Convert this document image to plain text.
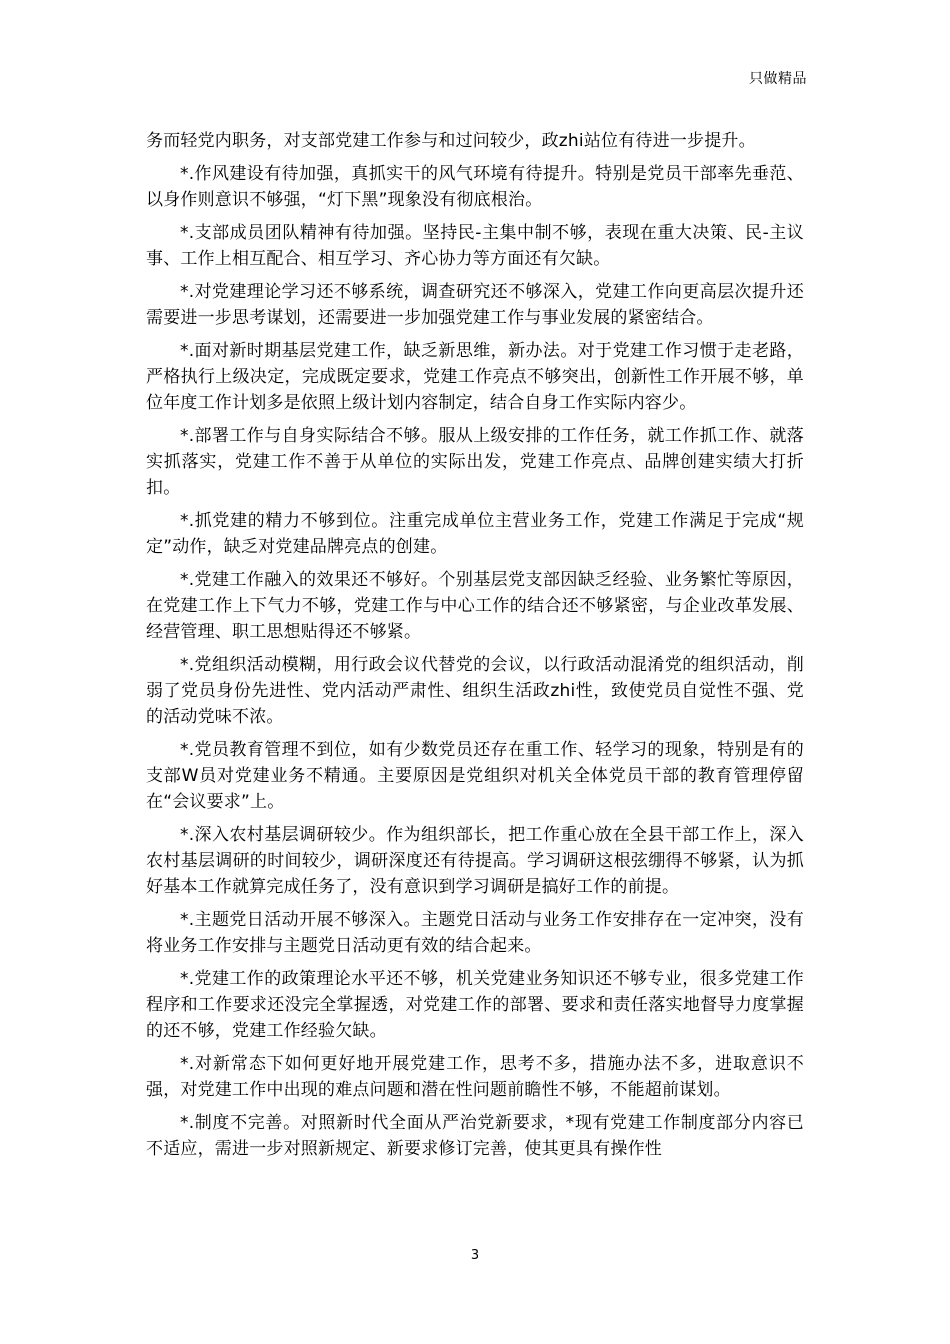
只做精品

务而轻党内职务，对支部党建工作参与和过问较少，政zhi站位有待进一步提升。

*.作风建设有待加强，真抓实干的风气环境有待提升。特别是党员干部率先垂范、以身作则意识不够强，“灯下黑”现象没有彻底根治。

*.支部成员团队精神有待加强。坚持民-主集中制不够，表现在重大决策、民-主议事、工作上相互配合、相互学习、齐心协力等方面还有欠缺。

*.对党建理论学习还不够系统，调查研究还不够深入，党建工作向更高层次提升还需要进一步思考谋划，还需要进一步加强党建工作与事业发展的紧密结合。

*.面对新时期基层党建工作，缺乏新思维，新办法。对于党建工作习惯于走老路，严格执行上级决定，完成既定要求，党建工作亮点不够突出，创新性工作开展不够，单位年度工作计划多是依照上级计划内容制定，结合自身工作实际内容少。

*.部署工作与自身实际结合不够。服从上级安排的工作任务，就工作抓工作、就落实抓落实，党建工作不善于从单位的实际出发，党建工作亮点、品牌创建实绩大打折扣。

*.抓党建的精力不够到位。注重完成单位主营业务工作，党建工作满足于完成“规定”动作，缺乏对党建品牌亮点的创建。

*.党建工作融入的效果还不够好。个别基层党支部因缺乏经验、业务繁忙等原因，在党建工作上下气力不够，党建工作与中心工作的结合还不够紧密，与企业改革发展、经营管理、职工思想贴得还不够紧。

*.党组织活动模糊，用行政会议代替党的会议，以行政活动混淆党的组织活动，削弱了党员身份先进性、党内活动严肃性、组织生活政zhi性，致使党员自觉性不强、党的活动党味不浓。

*.党员教育管理不到位，如有少数党员还存在重工作、轻学习的现象，特别是有的支部W员对党建业务不精通。主要原因是党组织对机关全体党员干部的教育管理停留在“会议要求”上。

*.深入农村基层调研较少。作为组织部长，把工作重心放在全县干部工作上，深入农村基层调研的时间较少，调研深度还有待提高。学习调研这根弦绷得不够紧，认为抓好基本工作就算完成任务了，没有意识到学习调研是搞好工作的前提。

*.主题党日活动开展不够深入。主题党日活动与业务工作安排存在一定冲突，没有将业务工作安排与主题党日活动更有效的结合起来。

*.党建工作的政策理论水平还不够，机关党建业务知识还不够专业，很多党建工作程序和工作要求还没完全掌握透，对党建工作的部署、要求和责任落实地督导力度掌握的还不够，党建工作经验欠缺。

*.对新常态下如何更好地开展党建工作，思考不多，措施办法不多，进取意识不强，对党建工作中出现的难点问题和潜在性问题前瞻性不够，不能超前谋划。

*.制度不完善。对照新时代全面从严治党新要求，*现有党建工作制度部分内容已不适应，需进一步对照新规定、新要求修订完善，使其更具有操作性

3
